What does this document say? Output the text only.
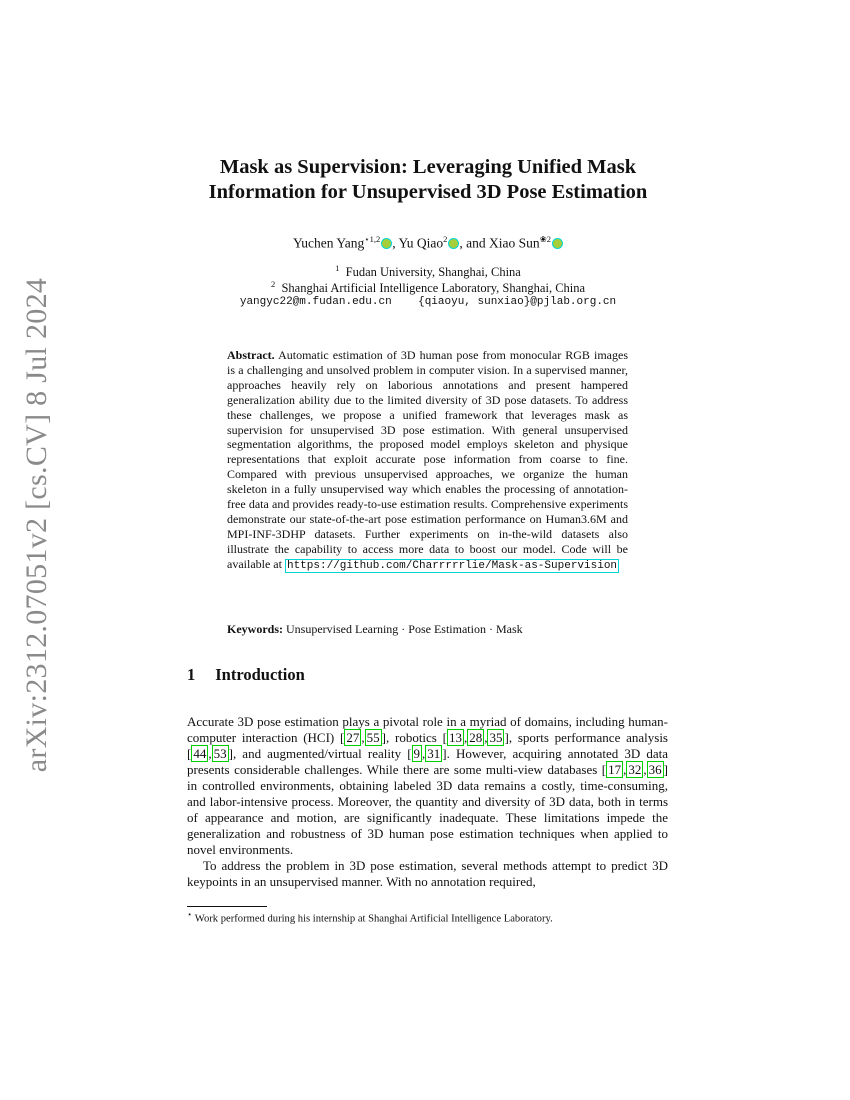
arXiv:2312.07051v2 [cs.CV] 8 Jul 2024
Mask as Supervision: Leveraging Unified Mask
Information for Unsupervised 3D Pose Estimation
Yuchen Yang$^{⋆1,2}$ , Yu Qiao$^2$ , and Xiao Sun$^{❀2}$
$^1$ Fudan University, Shanghai, China
$^2$ Shanghai Artificial Intelligence Laboratory, Shanghai, China
yangyc22@m.fudan.edu.cn {qiaoyu, sunxiao}@pjlab.org.cn
Abstract. Automatic estimation of 3D human pose from monocular RGB images is a challenging and unsolved problem in computer vision. In a supervised manner, approaches heavily rely on laborious annotations and present hampered generalization ability due to the limited diversity of 3D pose datasets. To address these challenges, we propose a unified framework that leverages mask as supervision for unsupervised 3D pose estimation. With general unsupervised segmentation algorithms, the proposed model employs skeleton and physique representations that exploit accurate pose information from coarse to fine. Compared with previous unsupervised approaches, we organize the human skeleton in a fully unsupervised way which enables the processing of annotation-free data and provides ready-to-use estimation results. Comprehensive experiments demonstrate our state-of-the-art pose estimation performance on Human3.6M and MPI-INF-3DHP datasets. Further experiments on in-the-wild datasets also illustrate the capability to access more data to boost our model. Code will be available at https://github.com/Charrrrrlie/Mask-as-Supervision
Keywords: Unsupervised Learning · Pose Estimation · Mask
1 Introduction

Accurate 3D pose estimation plays a pivotal role in a myriad of domains, including human-computer interaction (HCI) [ 27 , 55 ], robotics [ 13 , 28 , 35 ], sports performance analysis [ 44 , 53 ], and augmented/virtual reality [ 9 , 31 ]. However, acquiring annotated 3D data presents considerable challenges. While there are some multi-view databases [ 17 , 32 , 36 ] in controlled environments, obtaining labeled 3D data remains a costly, time-consuming, and labor-intensive process. Moreover, the quantity and diversity of 3D data, both in terms of appearance and motion, are significantly inadequate. These limitations impede the generalization and robustness of 3D human pose estimation techniques when applied to novel environments.

To address the problem in 3D pose estimation, several methods attempt to predict 3D keypoints in an unsupervised manner. With no annotation required,

⋆ Work performed during his internship at Shanghai Artificial Intelligence Laboratory.
